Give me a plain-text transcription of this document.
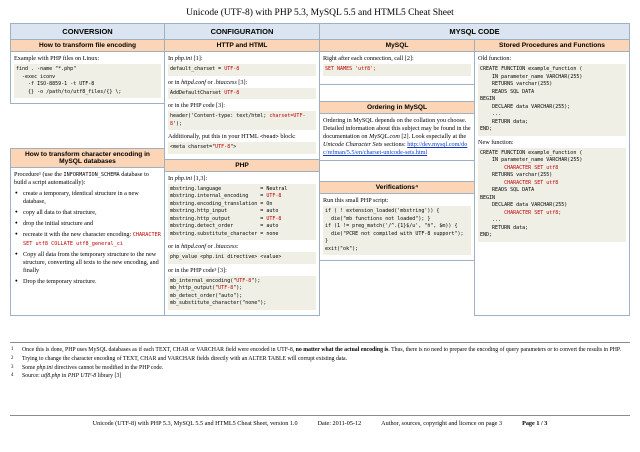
Unicode (UTF-8) with PHP 5.3, MySQL 5.5 and HTML5 Cheat Sheet
CONVERSION	CONFIGURATION	MYSQL CODE
How to transform file encoding
Example with PHP files on Linux:
find . -name "*.php"
-exec iconv
-f ISO-8859-1 -t UTF-8
{} -o /path/to/utf8_files/{} \;
How to transform character encoding in MySQL databases
Procedure¹ (use the INFORMATION_SCHEMA database to build a script automatically):
● create a temporary, identical structure in a new database,
● copy all data to that structure,
● drop the initial structure and
● recreate it with the new character encoding: CHARACTER SET utf8 COLLATE utf8_general_ci
● Copy all data from the temporary structure to the new structure, converting all texts to the new encoding, and finally
● Drop the temporary structure.
HTTP and HTML
In php.ini [1]:
default_charset = UTF-8
or in httpd.conf or .htaccess [3]:
AddDefaultCharset UTF-8
or in the PHP code [3]:
header('Content-type: text/html; charset=UTF-8');
Additionally, put this in your HTML <head> block:
<meta charset="UTF-8">
PHP
In php.ini [1,3]:
mbstring.language             = Neutral
mbstring.internal_encoding    = UTF-8
mbstring.encoding_translation = On
mbstring.http_input           = auto
mbstring.http_output          = UTF-8
mbstring.detect_order         = auto
mbstring.substitute_character = none
or in httpd.conf or .htaccess:
php_value <php.ini directive> <value>
or in the PHP code³ [3]:
mb_internal_encoding("UTF-8");
mb_http_output("UTF-8");
mb_detect_order("auto");
mb_substitute_character("none");
MySQL
Right after each connection, call [2]:
SET NAMES 'utf8';
Ordering in MySQL
Ordering in MySQL depends on the collation you choose. Detailed information about this subject may be found in the documentation on MySQL.com [2]. Look especially at the Unicode Character Sets sections: http://dev.mysql.com/doc/refman/5.5/en/charset-unicode-sets.html
Verifications⁴
Run this small PHP script:
if ( ! extension_loaded('mbstring')) {
die("mb functions not loaded"); }
if (1 != preg_match('/^.{1}$/u', "ñ", $m)) {
die("PCRE not compiled with UTF-8 support"); }
exit("ok");
Stored Procedures and Functions
Old function:
CREATE FUNCTION example_function (
IN parameter_name VARCHAR(255)
RETURNS varchar(255)
READS SQL DATA
BEGIN
DECLARE data VARCHAR(255);
...
RETURN data;
END;
New function:
CREATE FUNCTION example_function (
IN parameter_name VARCHAR(255)
CHARACTER SET utf8
RETURNS varchar(255)
CHARACTER SET utf8
READS SQL DATA
BEGIN
DECLARE data VARCHAR(255)
CHARACTER SET utf8;
...
RETURN data;
END;
1	Once this is done, PHP uses MySQL databases as if each TEXT, CHAR or VARCHAR field were encoded in UTF-8, no matter what the actual encoding is. Thus, there is no need to prepare the encoding of query parameters or to convert the results in PHP.
2	Trying to change the character encoding of TEXT, CHAR and VARCHAR fields directly with an ALTER TABLE will corrupt existing data.
3	Some php.ini directives cannot be modified in the PHP code.
4	Source: utf8.php in PHP UTF-8 library [3]
Unicode (UTF-8) with PHP 5.3, MySQL 5.5 and HTML5 Cheat Sheet, version 1.0	Date: 2011-05-12	Author, sources, copyright and licence on page 3	Page 1 / 3
